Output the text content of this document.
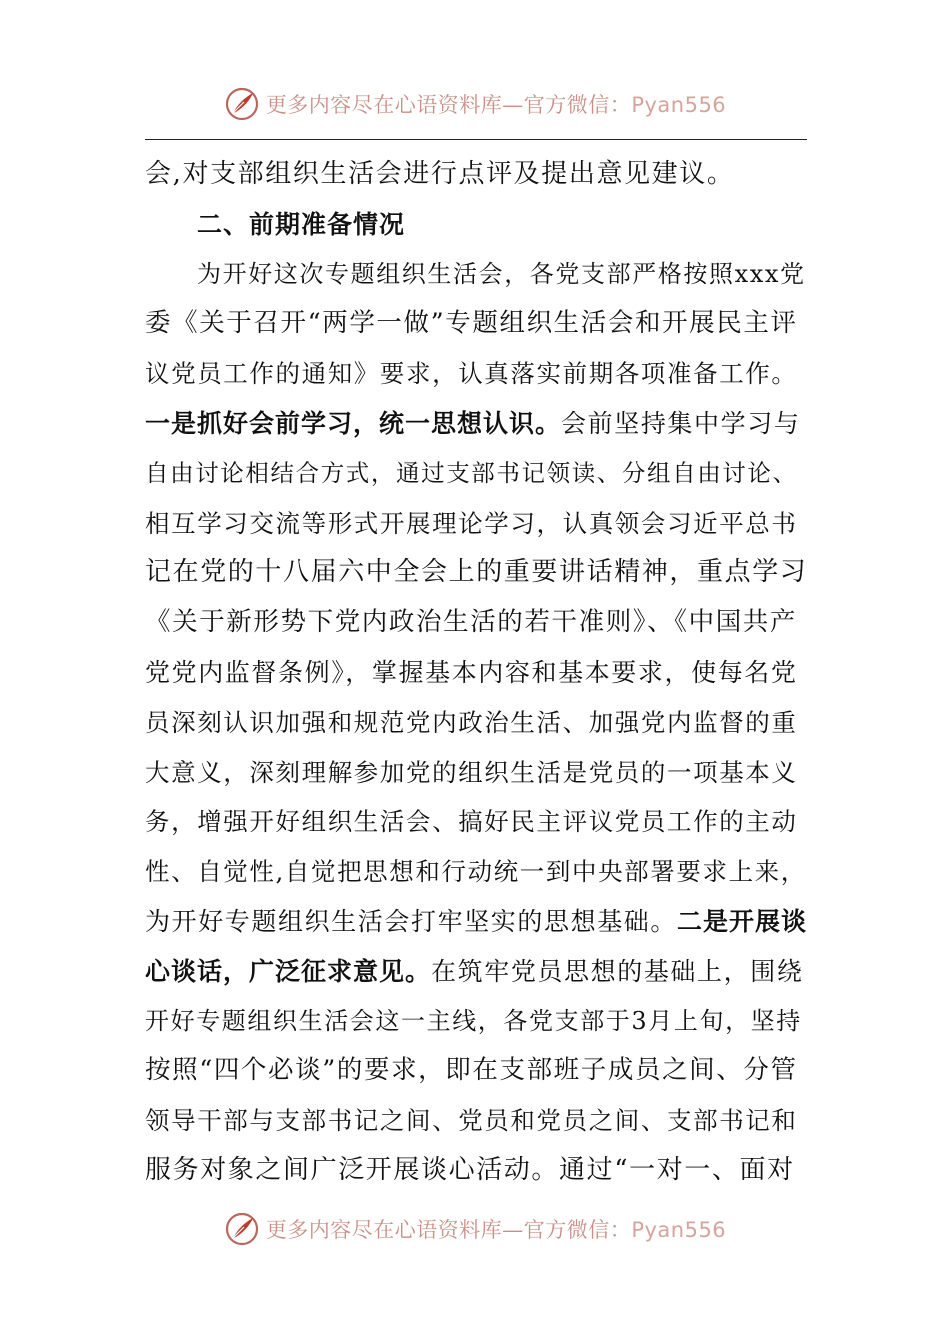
更多内容尽在心语资料库—官方微信：Pyan556
会,对支部组织生活会进行点评及提出意见建议。
二、前期准备情况
为开好这次专题组织生活会，各党支部严格按照xxx党
委《关于召开“两学一做”专题组织生活会和开展民主评
议党员工作的通知》要求，认真落实前期各项准备工作。
一是抓好会前学习，统一思想认识。会前坚持集中学习与
自由讨论相结合方式，通过支部书记领读、分组自由讨论、
相互学习交流等形式开展理论学习，认真领会习近平总书
记在党的十八届六中全会上的重要讲话精神，重点学习
《关于新形势下党内政治生活的若干准则》、《中国共产
党党内监督条例》，掌握基本内容和基本要求，使每名党
员深刻认识加强和规范党内政治生活、加强党内监督的重
大意义，深刻理解参加党的组织生活是党员的一项基本义
务，增强开好组织生活会、搞好民主评议党员工作的主动
性、自觉性,自觉把思想和行动统一到中央部署要求上来，
为开好专题组织生活会打牢坚实的思想基础。二是开展谈
心谈话，广泛征求意见。在筑牢党员思想的基础上，围绕
开好专题组织生活会这一主线，各党支部于3月上旬，坚持
按照“四个必谈”的要求，即在支部班子成员之间、分管
领导干部与支部书记之间、党员和党员之间、支部书记和
服务对象之间广泛开展谈心活动。通过“一对一、面对
更多内容尽在心语资料库—官方微信：Pyan556
